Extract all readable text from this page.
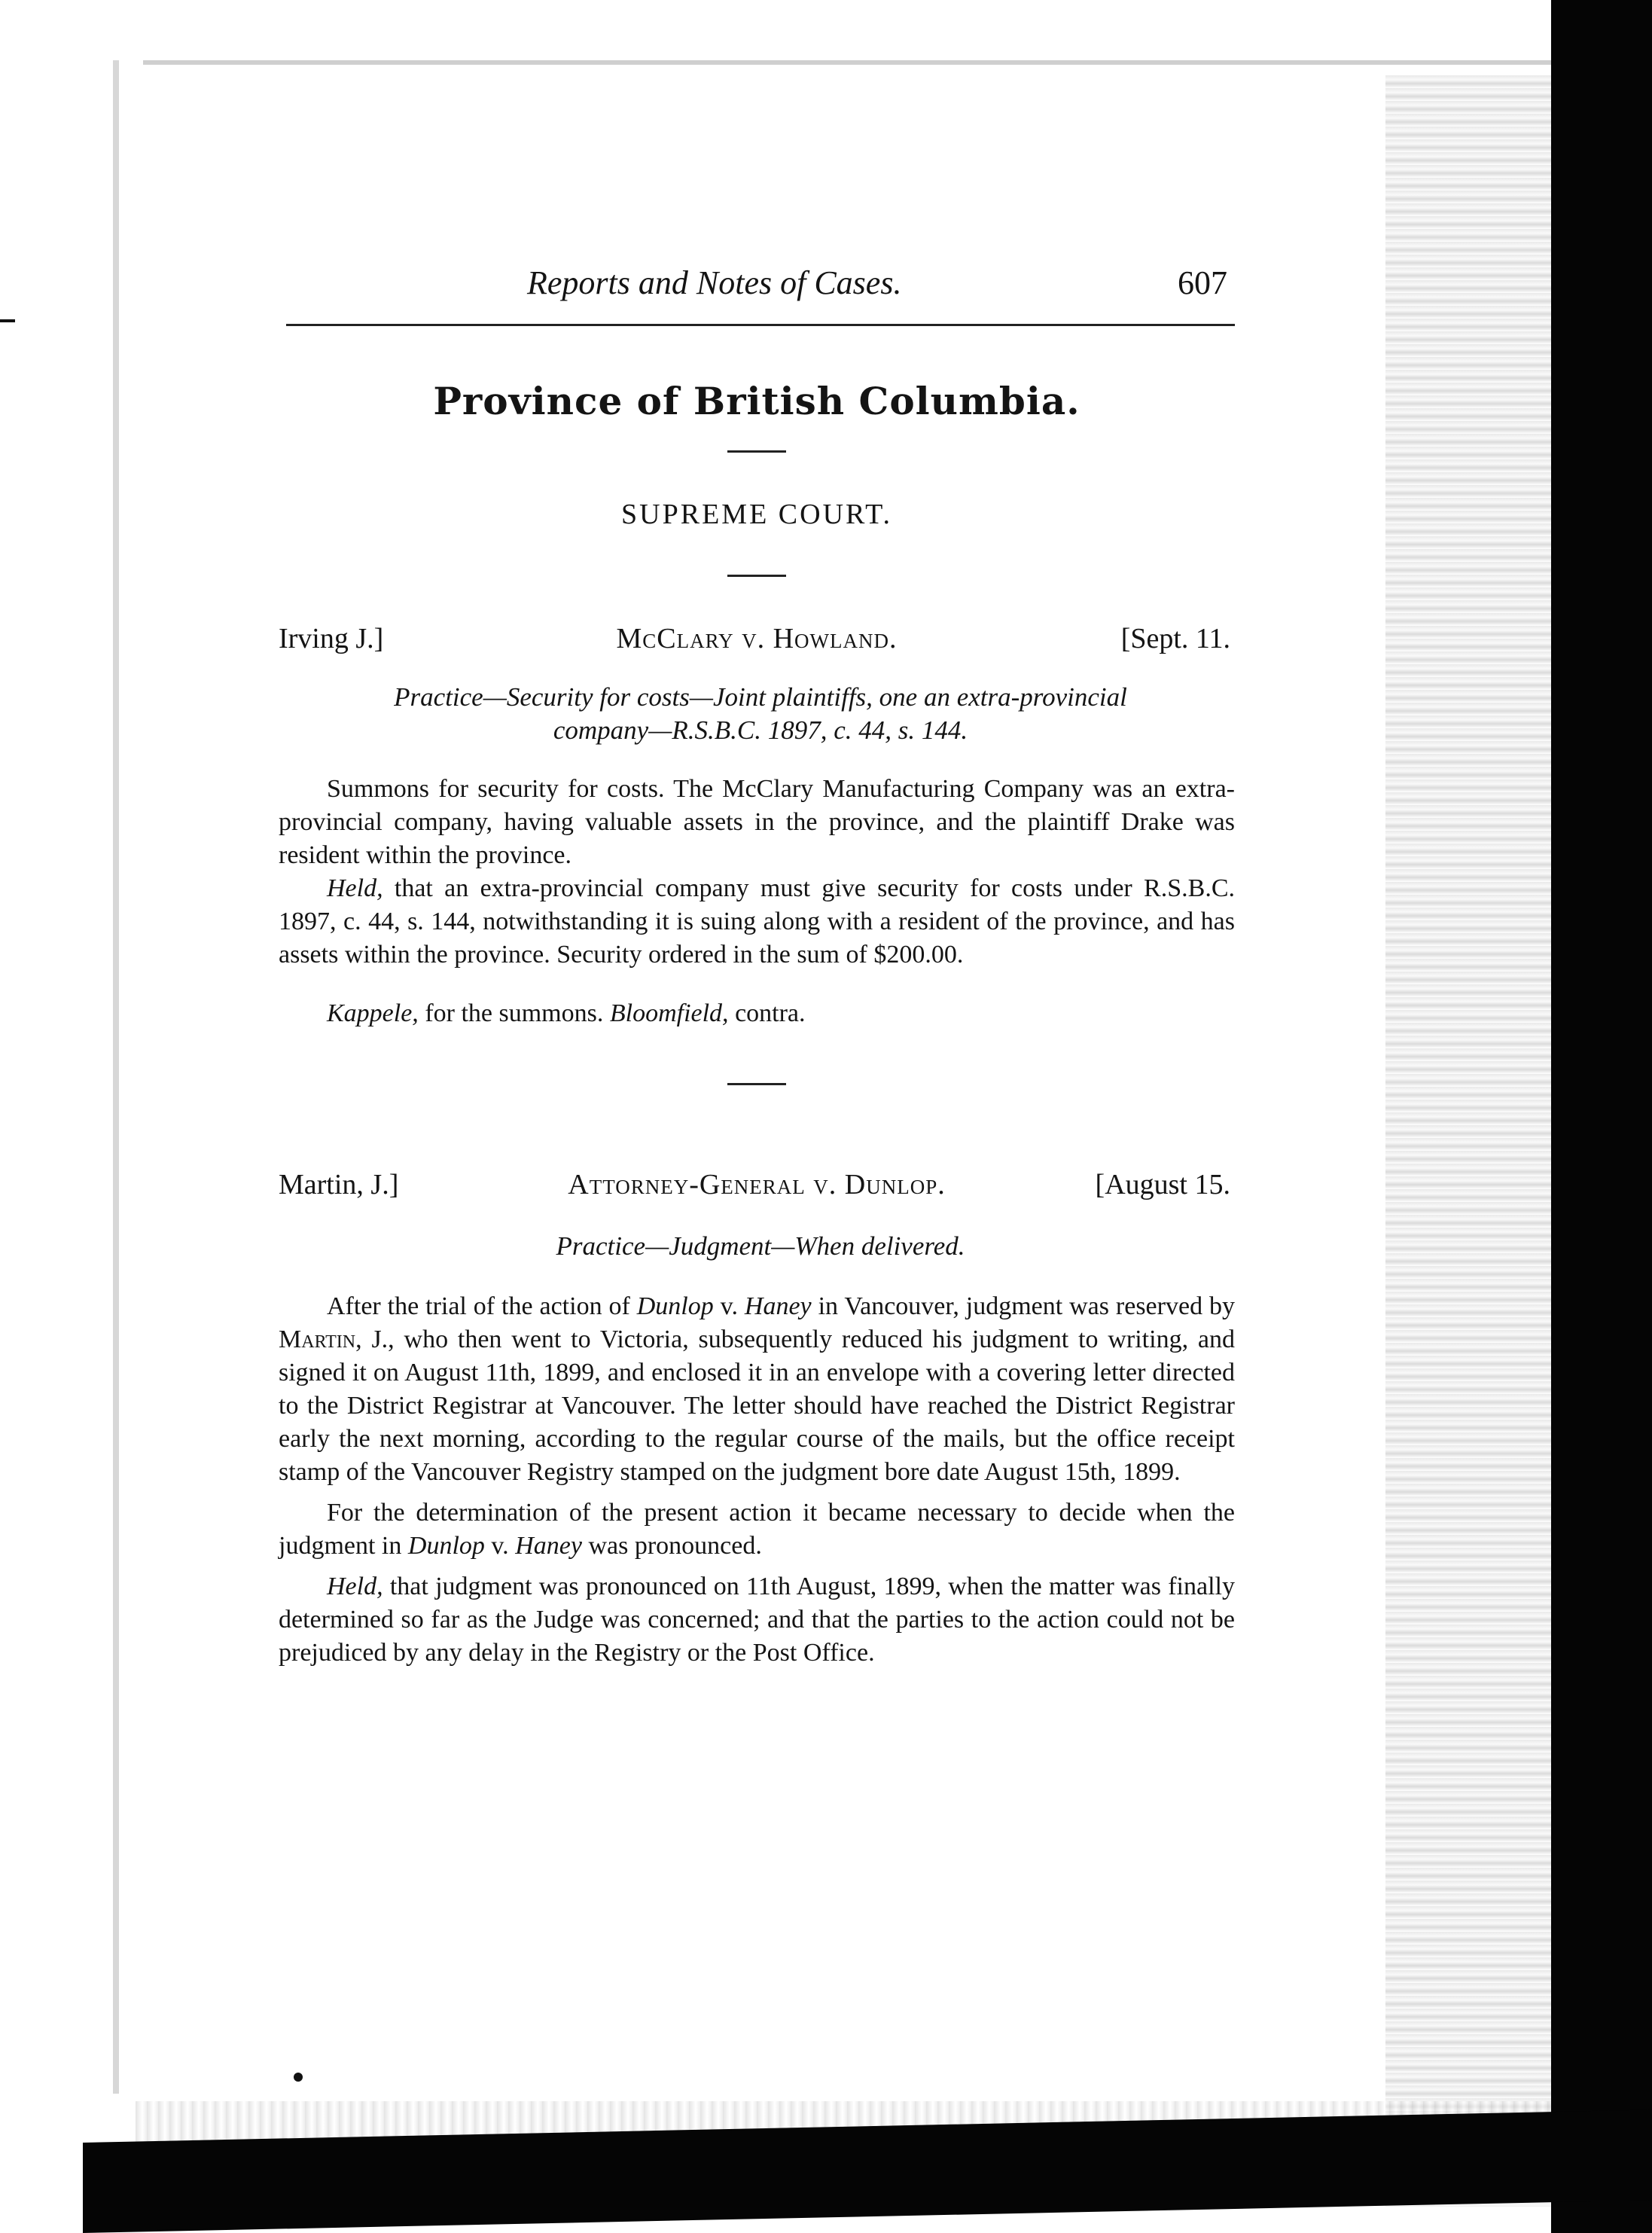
Reports and Notes of Cases.	607
Province of British Columbia.
SUPREME COURT.
Irving J.]	McClary v. Howland.	[Sept. 11.
Practice—Security for costs—Joint plaintiffs, one an extra-provincial
company—R.S.B.C. 1897, c. 44, s. 144.

Summons for security for costs. The McClary Manufacturing Company was an extra-provincial company, having valuable assets in the province, and the plaintiff Drake was resident within the province.

Held, that an extra-provincial company must give security for costs under R.S.B.C. 1897, c. 44, s. 144, notwithstanding it is suing along with a resident of the province, and has assets within the province. Security ordered in the sum of $200.00.

Kappele, for the summons. Bloomfield, contra.

Martin, J.]	Attorney-General v. Dunlop.	[August 15.
Practice—Judgment—When delivered.

After the trial of the action of Dunlop v. Haney in Vancouver, judgment was reserved by Martin, J., who then went to Victoria, subsequently reduced his judgment to writing, and signed it on August 11th, 1899, and enclosed it in an envelope with a covering letter directed to the District Registrar at Vancouver. The letter should have reached the District Registrar early the next morning, according to the regular course of the mails, but the office receipt stamp of the Vancouver Registry stamped on the judgment bore date August 15th, 1899.

For the determination of the present action it became necessary to decide when the judgment in Dunlop v. Haney was pronounced.

Held, that judgment was pronounced on 11th August, 1899, when the matter was finally determined so far as the Judge was concerned; and that the parties to the action could not be prejudiced by any delay in the Registry or the Post Office.
